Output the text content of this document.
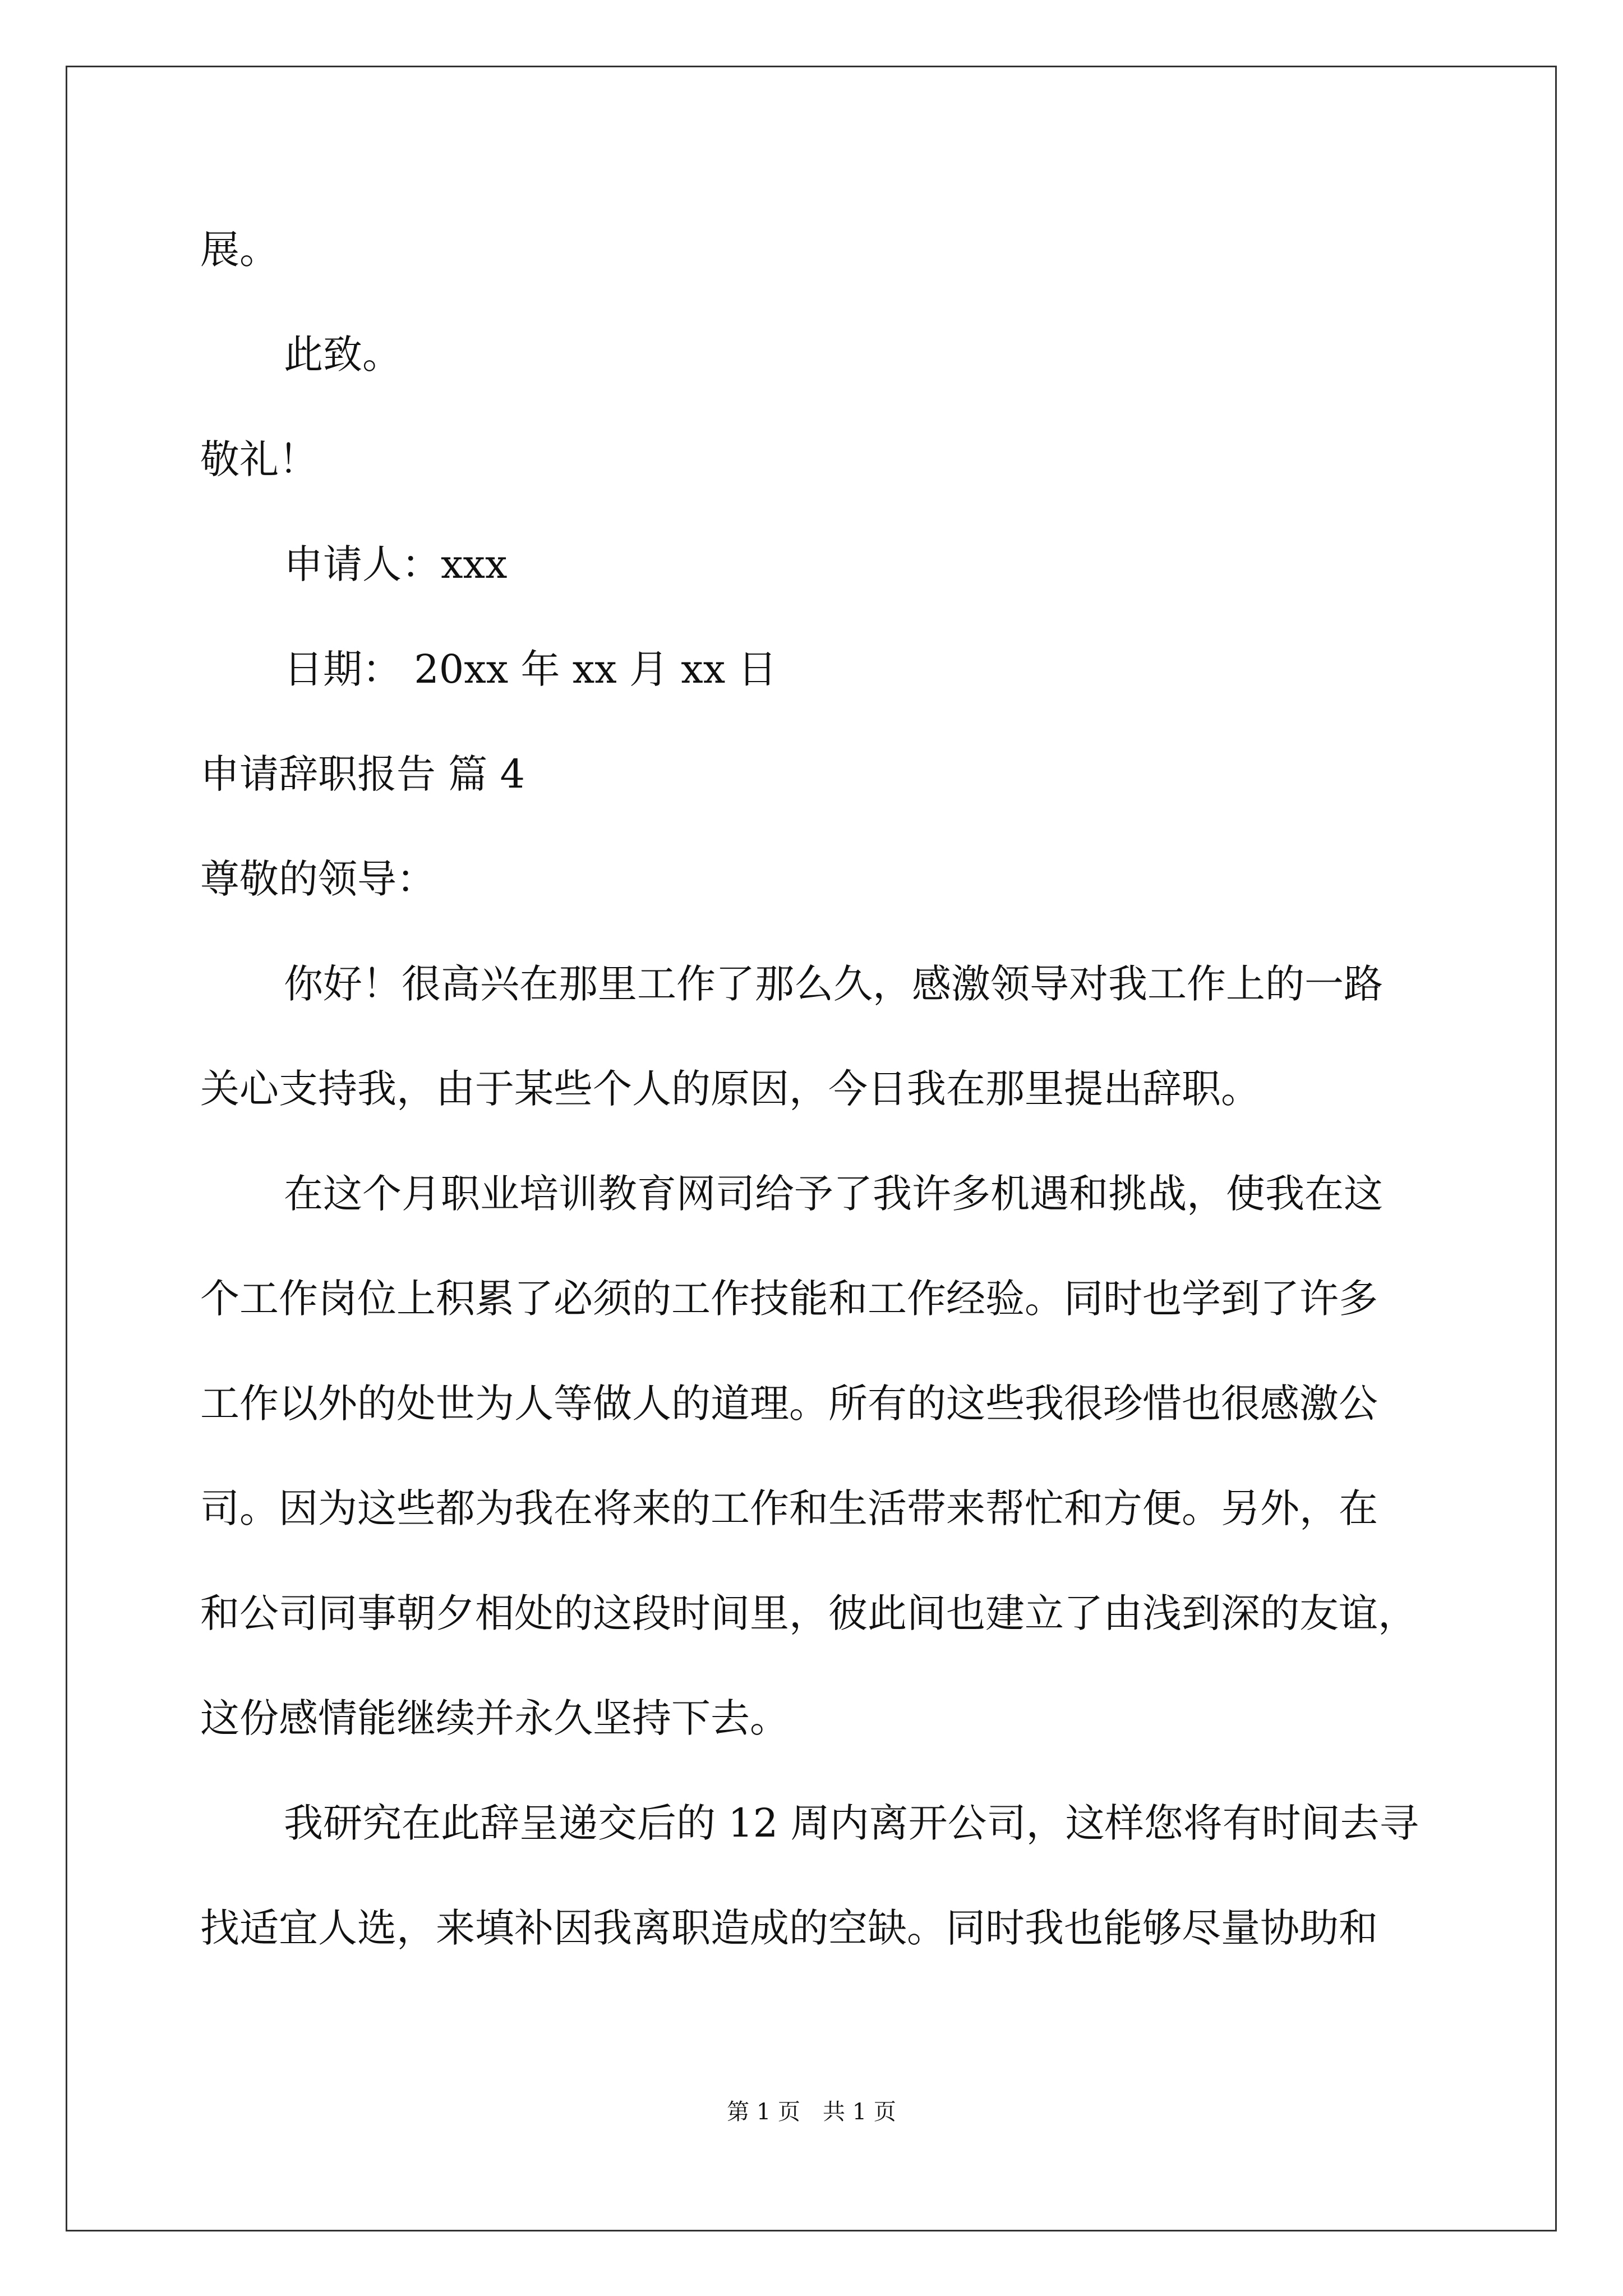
展。

此致。

敬礼！

申请人：xxx

日期： 20xx 年 xx 月 xx 日

申请辞职报告 篇 4

尊敬的领导：

你好！很高兴在那里工作了那么久，感激领导对我工作上的一路

关心支持我，由于某些个人的原因，今日我在那里提出辞职。

在这个月职业培训教育网司给予了我许多机遇和挑战，使我在这

个工作岗位上积累了必须的工作技能和工作经验。同时也学到了许多

工作以外的处世为人等做人的道理。所有的这些我很珍惜也很感激公

司。因为这些都为我在将来的工作和生活带来帮忙和方便。另外，在

和公司同事朝夕相处的这段时间里，彼此间也建立了由浅到深的友谊，

这份感情能继续并永久坚持下去。

我研究在此辞呈递交后的 12 周内离开公司，这样您将有时间去寻

找适宜人选，来填补因我离职造成的空缺。同时我也能够尽量协助和

第 1 页　共 1 页
